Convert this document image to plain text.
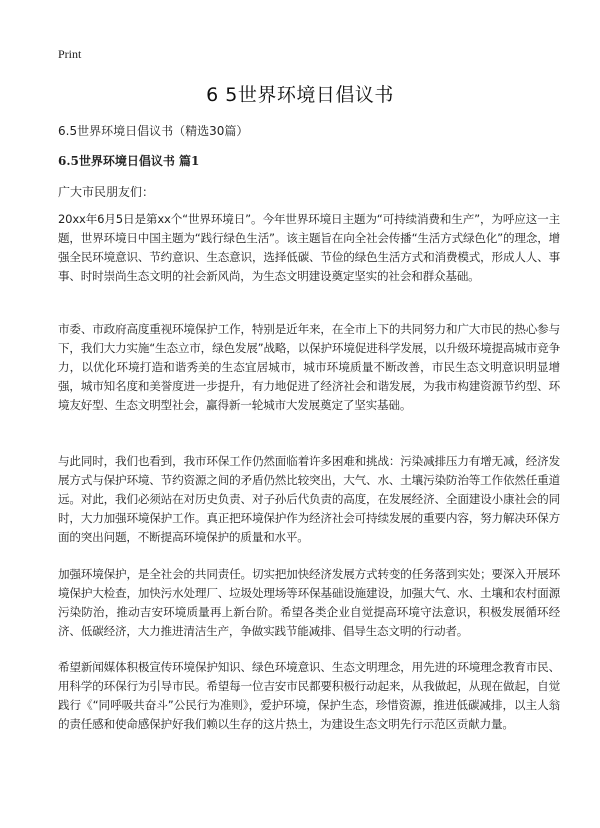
Print
6 5世界环境日倡议书

6.5世界环境日倡议书（精选30篇）

6.5世界环境日倡议书 篇1

广大市民朋友们：

20xx年6月5日是第xx个“世界环境日”。今年世界环境日主题为“可持续消费和生产”，为呼应这一主题，世界环境日中国主题为“践行绿色生活”。该主题旨在向全社会传播“生活方式绿色化”的理念，增强全民环境意识、节约意识、生态意识，选择低碳、节俭的绿色生活方式和消费模式，形成人人、事事、时时崇尚生态文明的社会新风尚，为生态文明建设奠定坚实的社会和群众基础。

市委、市政府高度重视环境保护工作，特别是近年来，在全市上下的共同努力和广大市民的热心参与下，我们大力实施“生态立市，绿色发展”战略，以保护环境促进科学发展，以升级环境提高城市竞争力，以优化环境打造和谐秀美的生态宜居城市，城市环境质量不断改善，市民生态文明意识明显增强，城市知名度和美誉度进一步提升，有力地促进了经济社会和谐发展，为我市构建资源节约型、环境友好型、生态文明型社会，赢得新一轮城市大发展奠定了坚实基础。

与此同时，我们也看到，我市环保工作仍然面临着许多困难和挑战：污染减排压力有增无减，经济发展方式与保护环境、节约资源之间的矛盾仍然比较突出，大气、水、土壤污染防治等工作依然任重道远。对此，我们必须站在对历史负责、对子孙后代负责的高度，在发展经济、全面建设小康社会的同时，大力加强环境保护工作。真正把环境保护作为经济社会可持续发展的重要内容，努力解决环保方面的突出问题，不断提高环境保护的质量和水平。

加强环境保护，是全社会的共同责任。切实把加快经济发展方式转变的任务落到实处；要深入开展环境保护大检查，加快污水处理厂、垃圾处理场等环保基础设施建设，加强大气、水、土壤和农村面源污染防治，推动吉安环境质量再上新台阶。希望各类企业自觉提高环境守法意识，积极发展循环经济、低碳经济，大力推进清洁生产，争做实践节能减排、倡导生态文明的行动者。

希望新闻媒体积极宣传环境保护知识、绿色环境意识、生态文明理念，用先进的环境理念教育市民、用科学的环保行为引导市民。希望每一位吉安市民都要积极行动起来，从我做起，从现在做起，自觉践行《“同呼吸共奋斗”公民行为准则》，爱护环境，保护生态，珍惜资源，推进低碳减排，以主人翁的责任感和使命感保护好我们赖以生存的这片热土，为建设生态文明先行示范区贡献力量。
